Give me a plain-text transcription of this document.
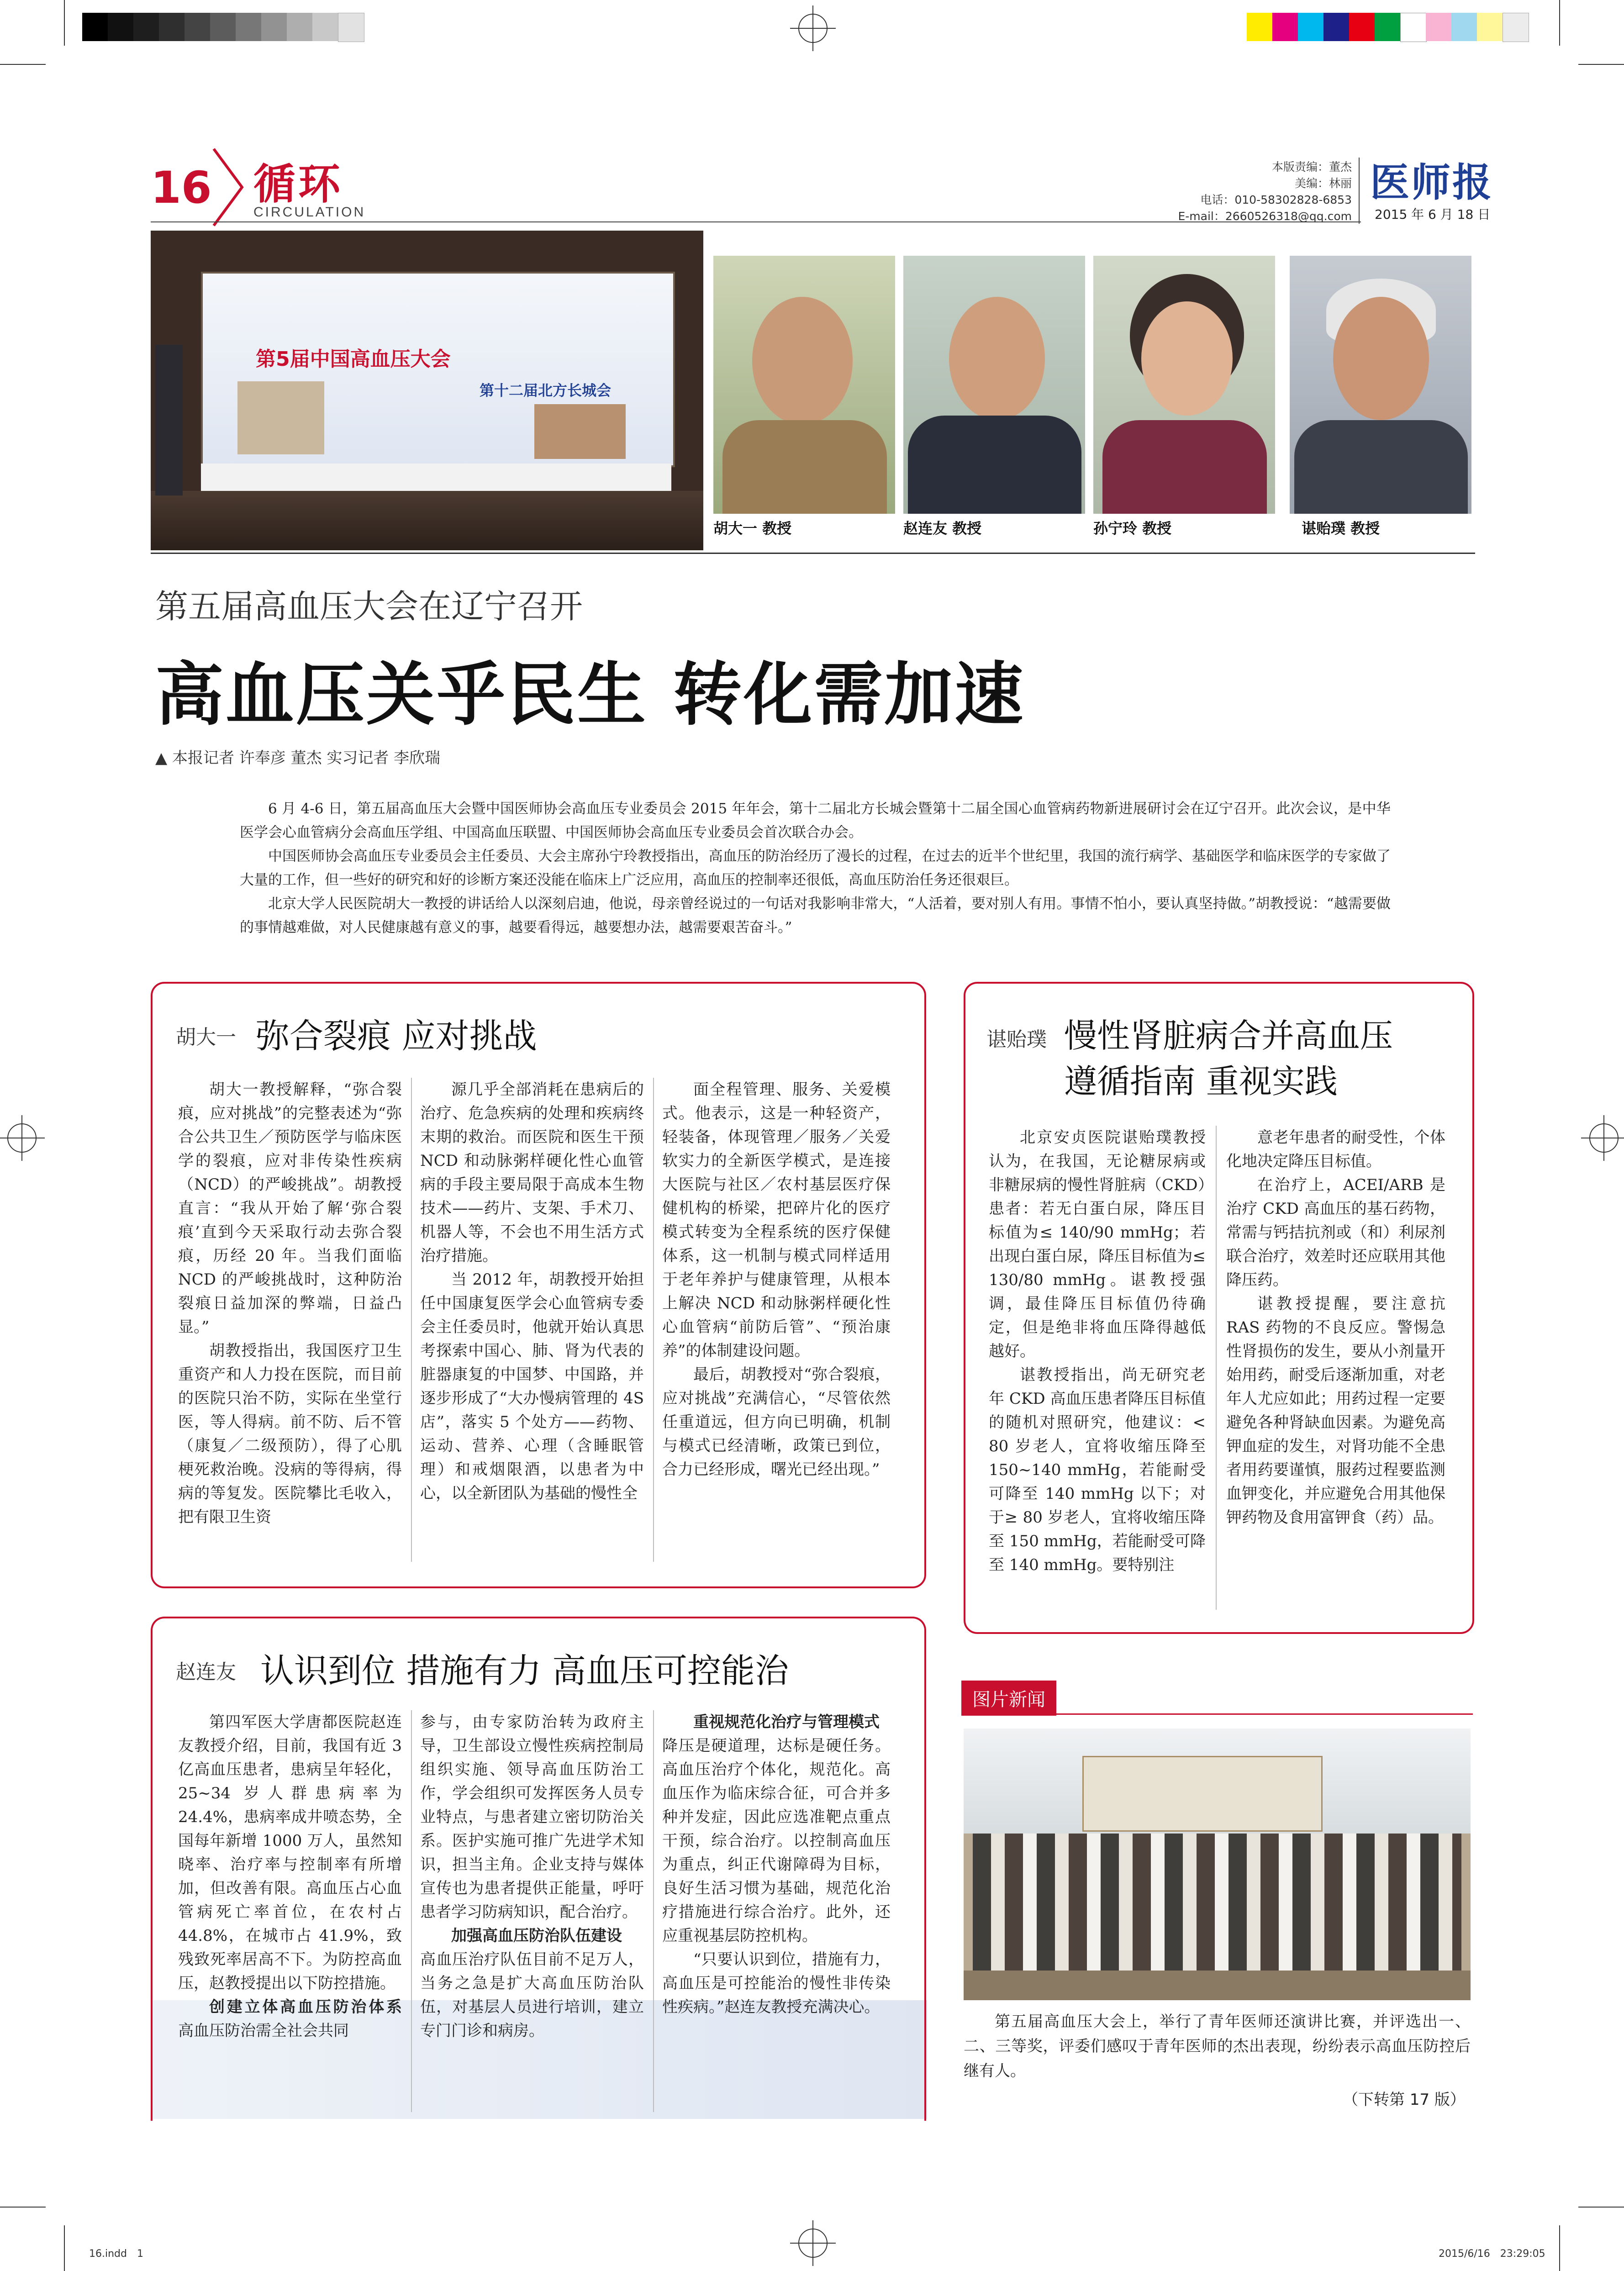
16 循环
CIRCULATION
本版责编：董杰
美编：林丽
电话：010-58302828-6853
E-mail：2660526318@qq.com
医师报
2015 年 6 月 18 日
第5届中国高血压大会
第十二届北方长城会
胡大一 教授	赵连友 教授	孙宁玲 教授	谌贻璞 教授
第五届高血压大会在辽宁召开
高血压关乎民生 转化需加速
▲ 本报记者 许奉彦 董杰 实习记者 李欣瑞

6 月 4-6 日，第五届高血压大会暨中国医师协会高血压专业委员会 2015 年年会，第十二届北方长城会暨第十二届全国心血管病药物新进展研讨会在辽宁召开。此次会议，是中华医学会心血管病分会高血压学组、中国高血压联盟、中国医师协会高血压专业委员会首次联合办会。

中国医师协会高血压专业委员会主任委员、大会主席孙宁玲教授指出，高血压的防治经历了漫长的过程，在过去的近半个世纪里，我国的流行病学、基础医学和临床医学的专家做了大量的工作，但一些好的研究和好的诊断方案还没能在临床上广泛应用，高血压的控制率还很低，高血压防治任务还很艰巨。

北京大学人民医院胡大一教授的讲话给人以深刻启迪，他说，母亲曾经说过的一句话对我影响非常大，“人活着，要对别人有用。事情不怕小，要认真坚持做。”胡教授说：“越需要做的事情越难做，对人民健康越有意义的事，越要看得远，越要想办法，越需要艰苦奋斗。”

胡大一 弥合裂痕 应对挑战

胡大一教授解释，“弥合裂痕，应对挑战”的完整表述为“弥合公共卫生／预防医学与临床医学的裂痕，应对非传染性疾病（NCD）的严峻挑战”。胡教授直言：“我从开始了解‘弥合裂痕’直到今天采取行动去弥合裂痕，历经 20 年。当我们面临 NCD 的严峻挑战时，这种防治裂痕日益加深的弊端，日益凸显。”

胡教授指出，我国医疗卫生重资产和人力投在医院，而目前的医院只治不防，实际在坐堂行医，等人得病。前不防、后不管（康复／二级预防），得了心肌梗死救治晚。没病的等得病，得病的等复发。医院攀比毛收入，把有限卫生资

源几乎全部消耗在患病后的治疗、危急疾病的处理和疾病终末期的救治。而医院和医生干预 NCD 和动脉粥样硬化性心血管病的手段主要局限于高成本生物技术——药片、支架、手术刀、机器人等，不会也不用生活方式治疗措施。

当 2012 年，胡教授开始担任中国康复医学会心血管病专委会主任委员时，他就开始认真思考探索中国心、肺、肾为代表的脏器康复的中国梦、中国路，并逐步形成了“大办慢病管理的 4S 店”，落实 5 个处方——药物、运动、营养、心理（含睡眠管理）和戒烟限酒，以患者为中心，以全新团队为基础的慢性全

面全程管理、服务、关爱模式。他表示，这是一种轻资产，轻装备，体现管理／服务／关爱软实力的全新医学模式，是连接大医院与社区／农村基层医疗保健机构的桥梁，把碎片化的医疗模式转变为全程系统的医疗保健体系，这一机制与模式同样适用于老年养护与健康管理，从根本上解决 NCD 和动脉粥样硬化性心血管病“前防后管”、“预治康养”的体制建设问题。

最后，胡教授对“弥合裂痕，应对挑战”充满信心，“尽管依然任重道远，但方向已明确，机制与模式已经清晰，政策已到位，合力已经形成，曙光已经出现。”

谌贻璞 慢性肾脏病合并高血压
遵循指南 重视实践

北京安贞医院谌贻璞教授认为，在我国，无论糖尿病或非糖尿病的慢性肾脏病（CKD）患者：若无白蛋白尿，降压目标值为≤ 140/90 mmHg；若出现白蛋白尿，降压目标值为≤ 130/80 mmHg。谌教授强调，最佳降压目标值仍待确定，但是绝非将血压降得越低越好。

谌教授指出，尚无研究老年 CKD 高血压患者降压目标值的随机对照研究，他建议：< 80 岁老人，宜将收缩压降至 150~140 mmHg，若能耐受可降至 140 mmHg 以下；对于≥ 80 岁老人，宜将收缩压降至 150 mmHg，若能耐受可降至 140 mmHg。要特别注

意老年患者的耐受性，个体化地决定降压目标值。

在治疗上，ACEI/ARB 是治疗 CKD 高血压的基石药物，常需与钙拮抗剂或（和）利尿剂联合治疗，效差时还应联用其他降压药。

谌教授提醒，要注意抗 RAS 药物的不良反应。警惕急性肾损伤的发生，要从小剂量开始用药，耐受后逐渐加重，对老年人尤应如此；用药过程一定要避免各种肾缺血因素。为避免高钾血症的发生，对肾功能不全患者用药要谨慎，服药过程要监测血钾变化，并应避免合用其他保钾药物及食用富钾食（药）品。

赵连友 认识到位 措施有力 高血压可控能治

第四军医大学唐都医院赵连友教授介绍，目前，我国有近 3 亿高血压患者，患病呈年轻化，25~34 岁人群患病率为 24.4%，患病率成井喷态势，全国每年新增 1000 万人，虽然知晓率、治疗率与控制率有所增加，但改善有限。高血压占心血管病死亡率首位，在农村占 44.8%，在城市占 41.9%，致残致死率居高不下。为防控高血压，赵教授提出以下防控措施。

创建立体高血压防治体系　高血压防治需全社会共同

参与，由专家防治转为政府主导，卫生部设立慢性疾病控制局组织实施、领导高血压防治工作，学会组织可发挥医务人员专业特点，与患者建立密切防治关系。医护实施可推广先进学术知识，担当主角。企业支持与媒体宣传也为患者提供正能量，呼吁患者学习防病知识，配合治疗。

加强高血压防治队伍建设

高血压治疗队伍目前不足万人，当务之急是扩大高血压防治队伍，对基层人员进行培训，建立专门门诊和病房。

重视规范化治疗与管理模式

降压是硬道理，达标是硬任务。高血压治疗个体化，规范化。高血压作为临床综合征，可合并多种并发症，因此应选准靶点重点干预，综合治疗。以控制高血压为重点，纠正代谢障碍为目标，良好生活习惯为基础，规范化治疗措施进行综合治疗。此外，还应重视基层防控机构。

“只要认识到位，措施有力，高血压是可控能治的慢性非传染性疾病。”赵连友教授充满决心。

图片新闻

第五届高血压大会上，举行了青年医师还演讲比赛，并评选出一、二、三等奖，评委们感叹于青年医师的杰出表现，纷纷表示高血压防控后继有人。

（下转第 17 版）
16.indd　1	2015/6/16　23:29:05
